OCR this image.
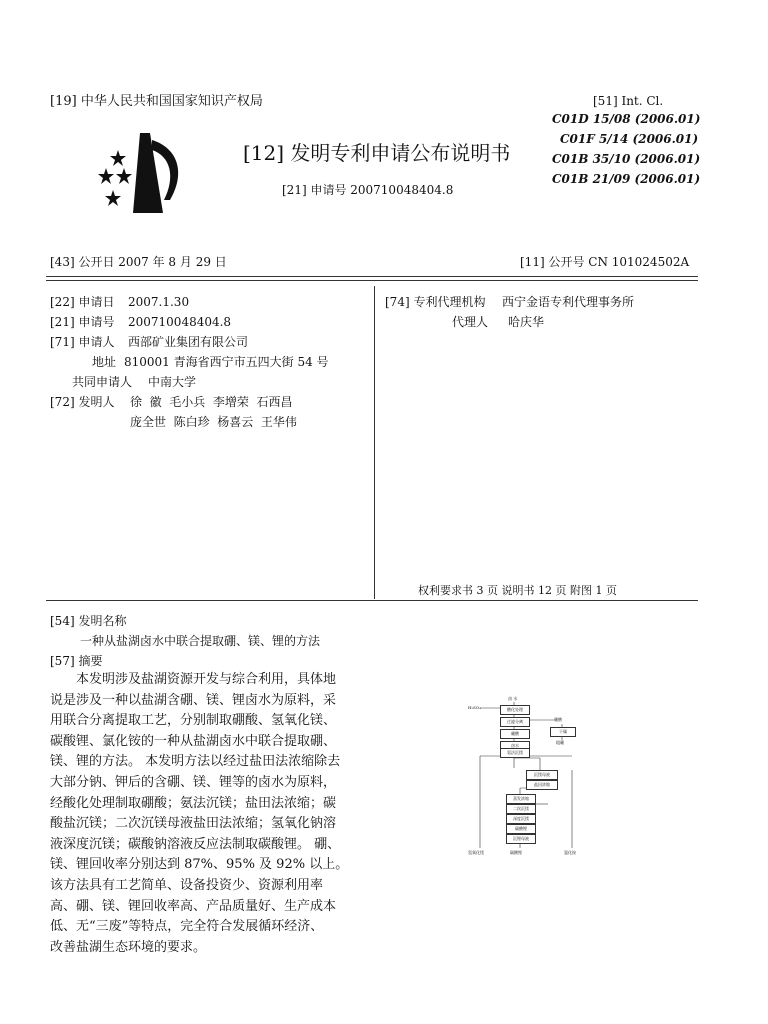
[19] 中华人民共和国国家知识产权局
[12] 发明专利申请公布说明书
[21] 申请号 200710048404.8
[51] Int. Cl.
C01D 15/08 (2006.01)
C01F 5/14 (2006.01)
C01B 35/10 (2006.01)
C01B 21/09 (2006.01)
[43] 公开日 2007 年 8 月 29 日	[11] 公开号 CN 101024502A
[22] 申请日 2007.1.30
[21] 申请号 200710048404.8
[71] 申请人 西部矿业集团有限公司
地址 810001 青海省西宁市五四大街 54 号
共同申请人 中南大学
[72] 发明人 徐  徽  毛小兵  李增荣  石西昌
庞全世  陈白珍  杨喜云  王华伟
[74] 专利代理机构 西宁金语专利代理事务所
代理人 哈庆华
权利要求书 3 页 说明书 12 页 附图 1 页
[54] 发明名称
一种从盐湖卤水中联合提取硼、镁、锂的方法
[57] 摘要
本发明涉及盐湖资源开发与综合利用，具体地
说是涉及一种以盐湖含硼、镁、锂卤水为原料，采
用联合分离提取工艺，分别制取硼酸、氢氧化镁、
碳酸锂、氯化铵的一种从盐湖卤水中联合提取硼、
镁、锂的方法。 本发明方法以经过盐田法浓缩除去
大部分钠、钾后的含硼、镁、锂等的卤水为原料，
经酸化处理制取硼酸；氨法沉镁；盐田法浓缩；碳
酸盐沉镁；二次沉镁母液盐田法浓缩；氢氧化钠溶
液深度沉镁；碳酸钠溶液反应法制取碳酸锂。 硼、
镁、锂回收率分别达到 87%、95% 及 92% 以上。
该方法具有工艺简单、设备投资少、资源利用率
高、硼、镁、锂回收率高、产品质量好、生产成本
低、无“三废”等特点，完全符合发展循环经济、
改善盐湖生态环境的要求。
卤 水
H₂SO₄	酸化处理
过滤分离	硼酸
干燥
粗硼
硼酸
卤水
氨法沉镁
沉镁母液
盐田浓缩
蒸发浓缩
二次沉镁
深度沉镁
碳酸锂
沉锂母液
氢氧化镁	碳酸锂	氯化铵
